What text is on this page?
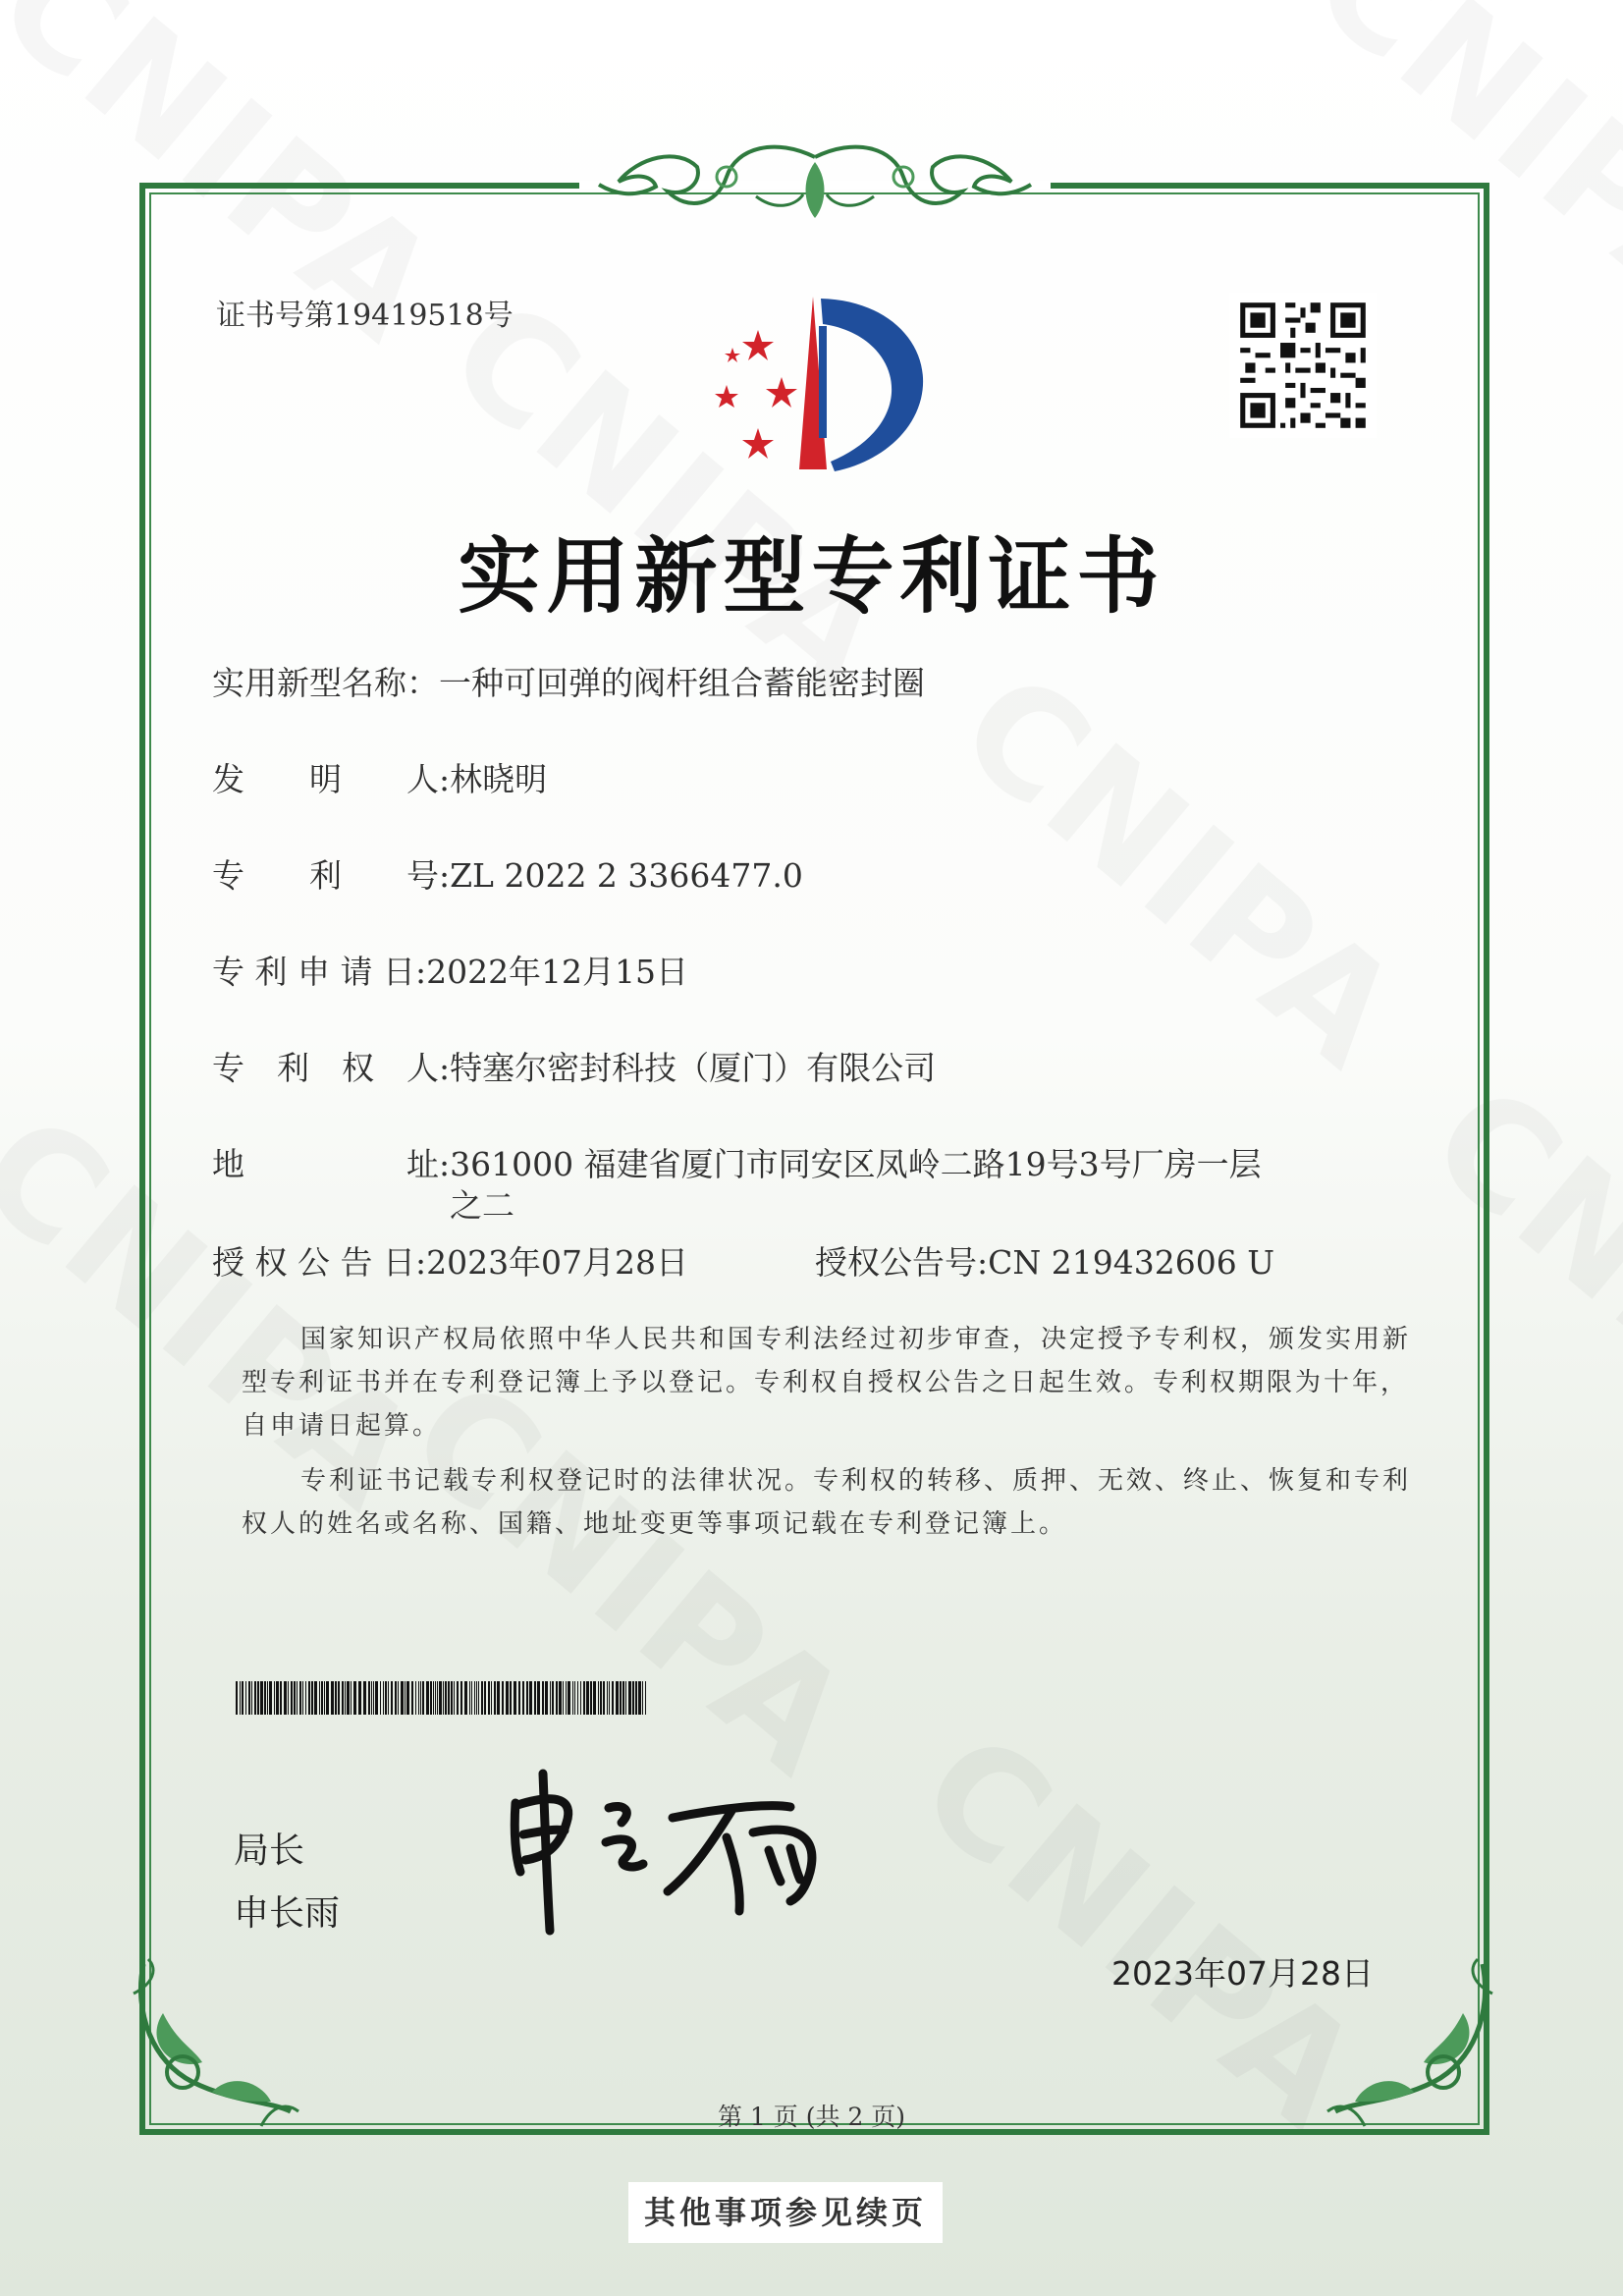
证书号第19419518号
实用新型专利证书
实用新型名称：一种可回弹的阀杆组合蓄能密封圈
发　　明　　人:林晓明
专　　利　　号:ZL 2022 2 3366477.0
专 利 申 请 日:2022年12月15日
专　利　权　人:特塞尔密封科技（厦门）有限公司
地　　　　　址:361000 福建省厦门市同安区凤岭二路19号3号厂房一层
之二
授 权 公 告 日:2023年07月28日	授权公告号:CN 219432606 U

国家知识产权局依照中华人民共和国专利法经过初步审查，决定授予专利权，颁发实用新型专利证书并在专利登记簿上予以登记。专利权自授权公告之日起生效。专利权期限为十年，自申请日起算。

专利证书记载专利权登记时的法律状况。专利权的转移、质押、无效、终止、恢复和专利权人的姓名或名称、国籍、地址变更等事项记载在专利登记簿上。

局长
申长雨
2023年07月28日
第 1 页 (共 2 页)
其他事项参见续页
